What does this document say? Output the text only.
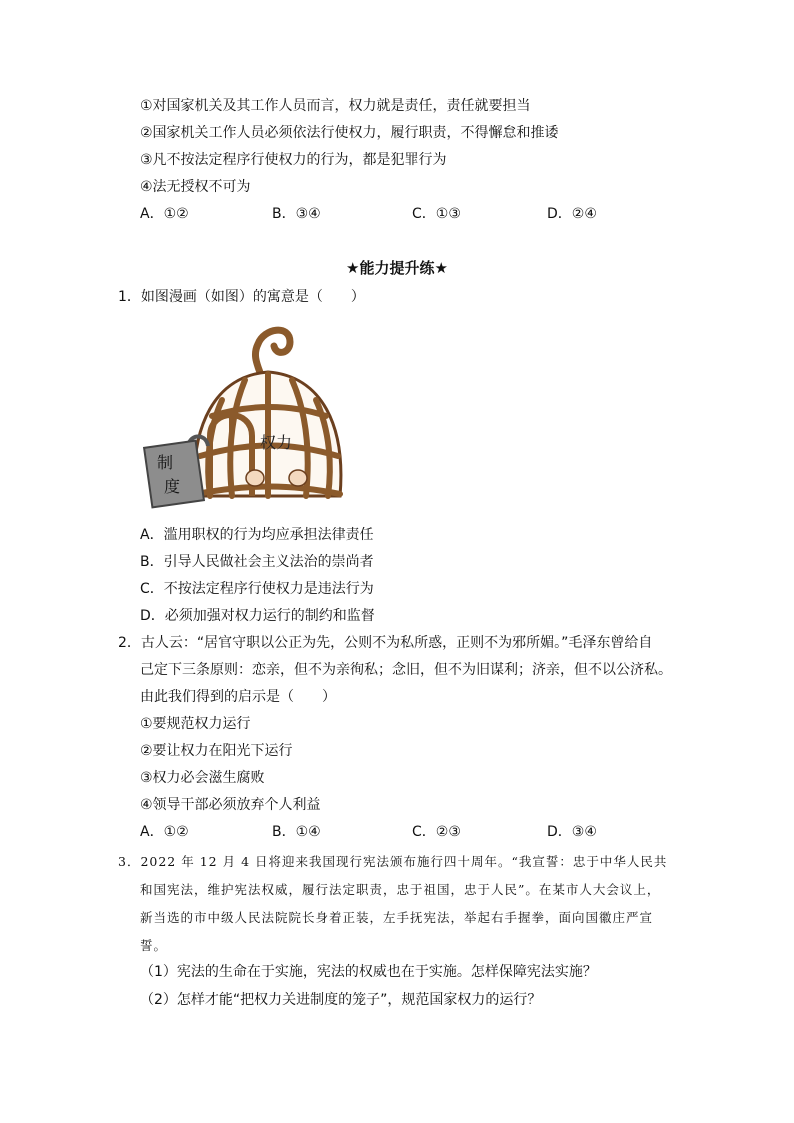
①对国家机关及其工作人员而言，权力就是责任，责任就要担当
②国家机关工作人员必须依法行使权力，履行职责，不得懈怠和推诿
③凡不按法定程序行使权力的行为，都是犯罪行为
④法无授权不可为
A．①②	B．③④	C．①③	D．②④
★能力提升练★
1．如图漫画（如图）的寓意是（　　）
权力
制
度
A．滥用职权的行为均应承担法律责任
B．引导人民做社会主义法治的崇尚者
C．不按法定程序行使权力是违法行为
D．必须加强对权力运行的制约和监督
2．古人云：“居官守职以公正为先，公则不为私所惑，正则不为邪所媚。”毛泽东曾给自
己定下三条原则：恋亲，但不为亲徇私；念旧，但不为旧谋利；济亲，但不以公济私。
由此我们得到的启示是（　　）
①要规范权力运行
②要让权力在阳光下运行
③权力必会滋生腐败
④领导干部必须放弃个人利益
A．①②	B．①④	C．②③	D．③④
3．2022 年 12 月 4 日将迎来我国现行宪法颁布施行四十周年。“我宣誓：忠于中华人民共
和国宪法，维护宪法权威，履行法定职责，忠于祖国，忠于人民”。在某市人大会议上，
新当选的市中级人民法院院长身着正装，左手抚宪法，举起右手握拳，面向国徽庄严宣
誓。
（1）宪法的生命在于实施，宪法的权威也在于实施。怎样保障宪法实施？
（2）怎样才能“把权力关进制度的笼子”，规范国家权力的运行？
